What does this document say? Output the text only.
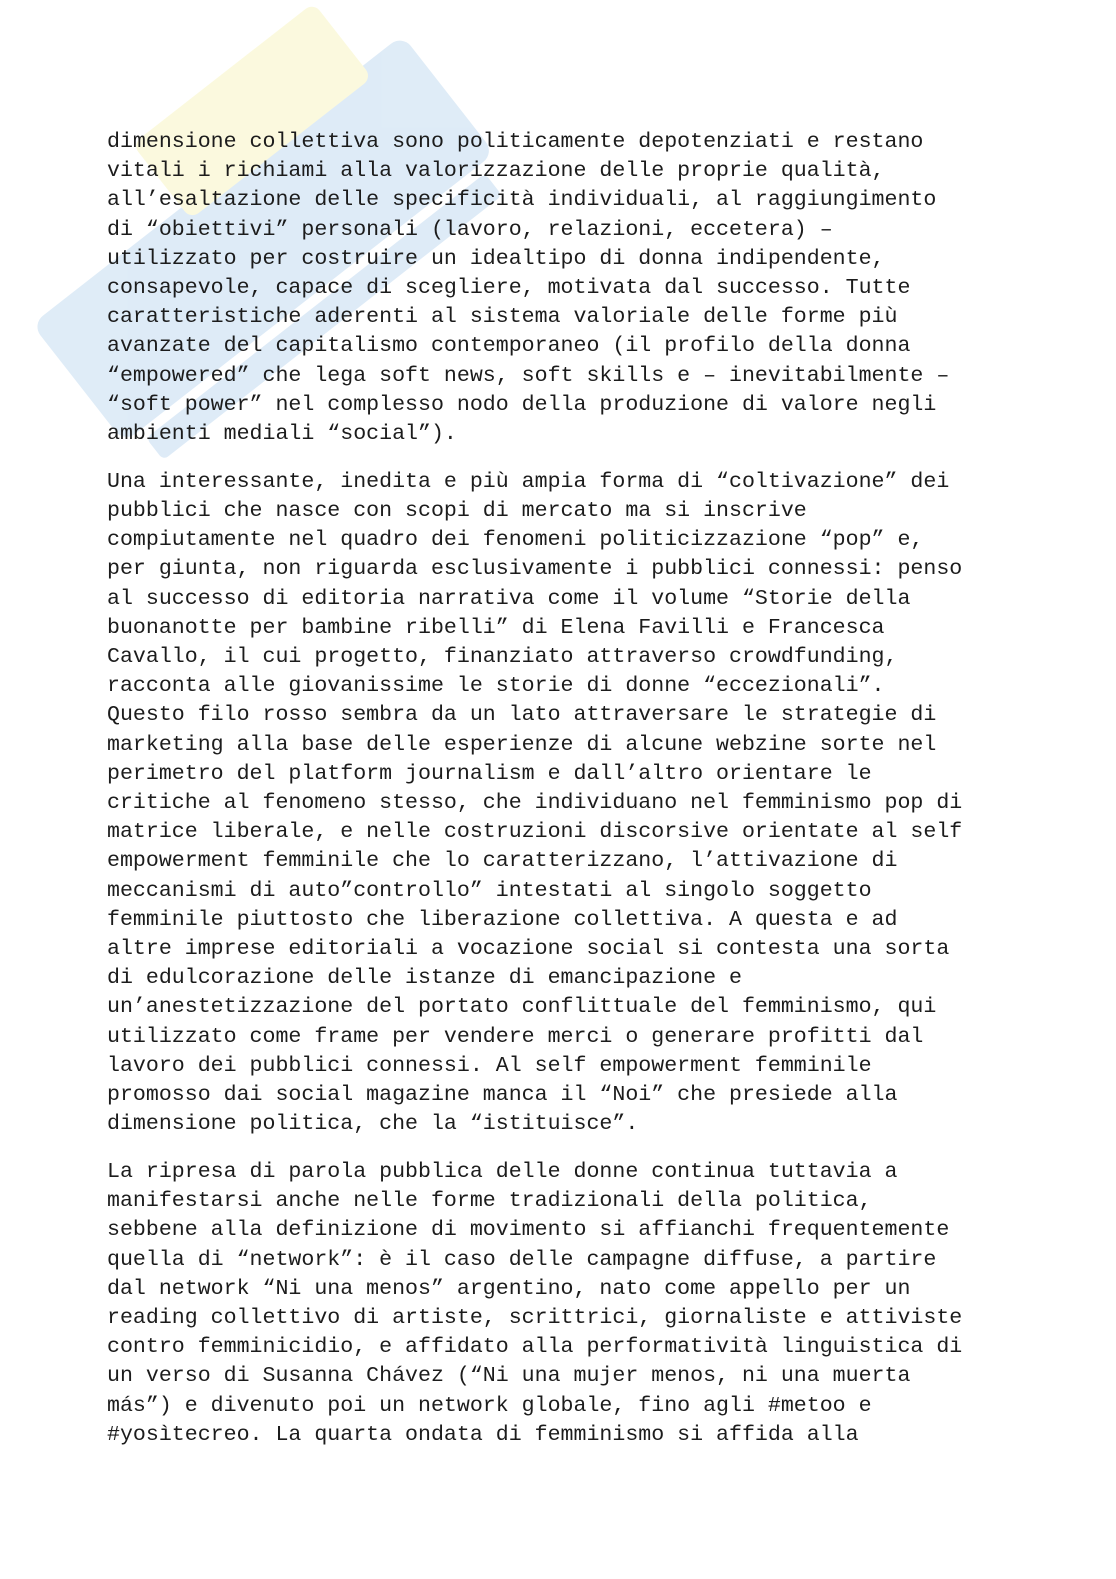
dimensione collettiva sono politicamente depotenziati e restano
vitali i richiami alla valorizzazione delle proprie qualità,
all’esaltazione delle specificità individuali, al raggiungimento
di “obiettivi” personali (lavoro, relazioni, eccetera) –
utilizzato per costruire un idealtipo di donna indipendente,
consapevole, capace di scegliere, motivata dal successo. Tutte
caratteristiche aderenti al sistema valoriale delle forme più
avanzate del capitalismo contemporaneo (il profilo della donna
“empowered” che lega soft news, soft skills e – inevitabilmente –
“soft power” nel complesso nodo della produzione di valore negli
ambienti mediali “social”).

Una interessante, inedita e più ampia forma di “coltivazione” dei
pubblici che nasce con scopi di mercato ma si inscrive
compiutamente nel quadro dei fenomeni politicizzazione “pop” e,
per giunta, non riguarda esclusivamente i pubblici connessi: penso
al successo di editoria narrativa come il volume “Storie della
buonanotte per bambine ribelli” di Elena Favilli e Francesca
Cavallo, il cui progetto, finanziato attraverso crowdfunding,
racconta alle giovanissime le storie di donne “eccezionali”.
Questo filo rosso sembra da un lato attraversare le strategie di
marketing alla base delle esperienze di alcune webzine sorte nel
perimetro del platform journalism e dall’altro orientare le
critiche al fenomeno stesso, che individuano nel femminismo pop di
matrice liberale, e nelle costruzioni discorsive orientate al self
empowerment femminile che lo caratterizzano, l’attivazione di
meccanismi di auto”controllo” intestati al singolo soggetto
femminile piuttosto che liberazione collettiva. A questa e ad
altre imprese editoriali a vocazione social si contesta una sorta
di edulcorazione delle istanze di emancipazione e
un’anestetizzazione del portato conflittuale del femminismo, qui
utilizzato come frame per vendere merci o generare profitti dal
lavoro dei pubblici connessi. Al self empowerment femminile
promosso dai social magazine manca il “Noi” che presiede alla
dimensione politica, che la “istituisce”.

La ripresa di parola pubblica delle donne continua tuttavia a
manifestarsi anche nelle forme tradizionali della politica,
sebbene alla definizione di movimento si affianchi frequentemente
quella di “network”: è il caso delle campagne diffuse, a partire
dal network “Ni una menos” argentino, nato come appello per un
reading collettivo di artiste, scrittrici, giornaliste e attiviste
contro femminicidio, e affidato alla performatività linguistica di
un verso di Susanna Chávez (“Ni una mujer menos, ni una muerta
más”) e divenuto poi un network globale, fino agli #metoo e
#yosìtecreo. La quarta ondata di femminismo si affida alla
